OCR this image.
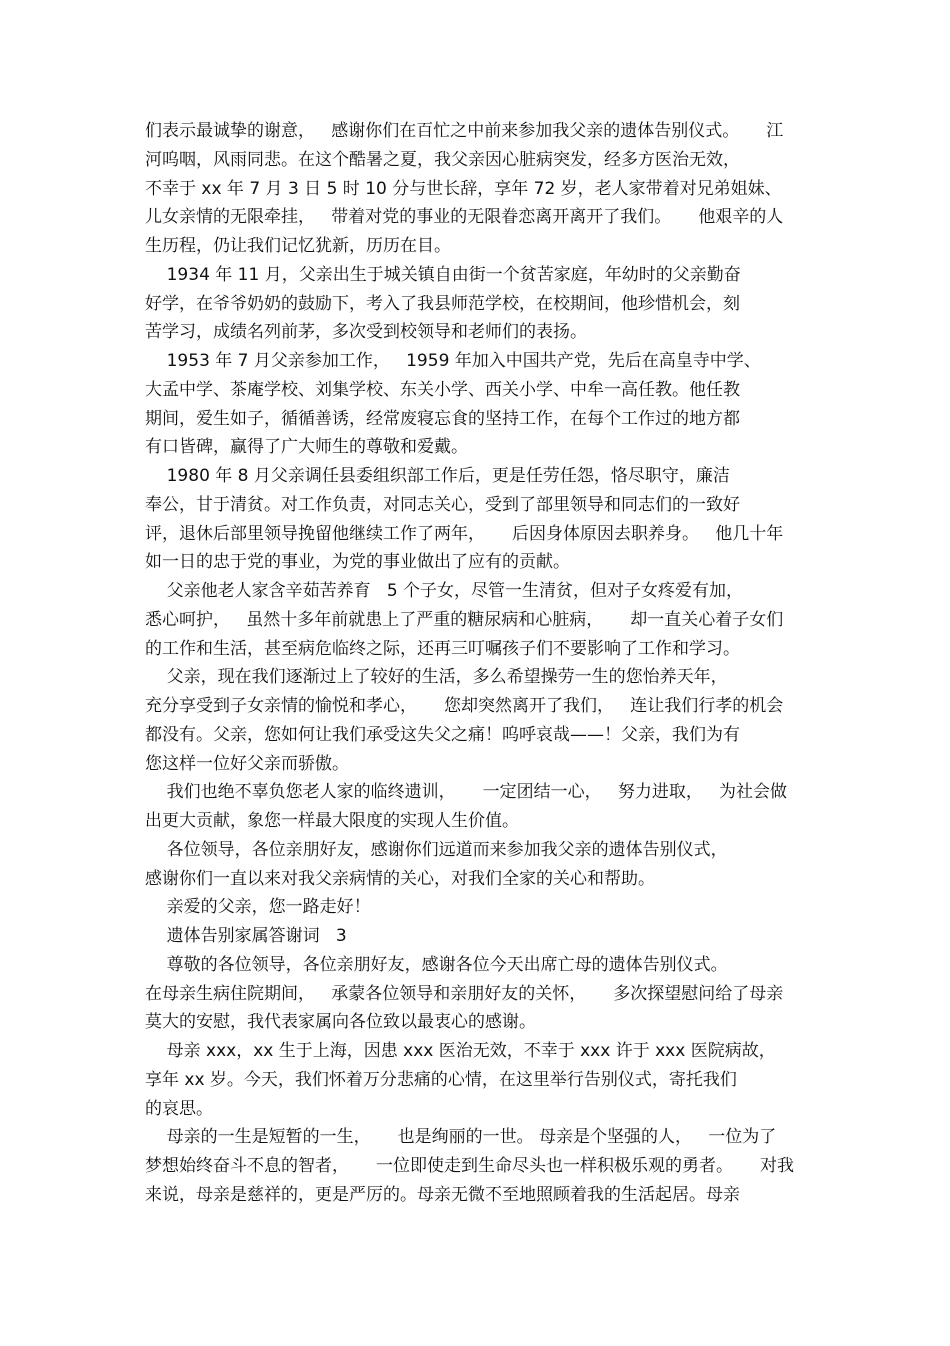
们表示最诚挚的谢意，   感谢你们在百忙之中前来参加我父亲的遗体告别仪式。     江
河呜咽，风雨同悲。在这个酷暑之夏，我父亲因心脏病突发，经多方医治无效，
不幸于 xx 年 7 月 3 日 5 时 10 分与世长辞，享年 72 岁，老人家带着对兄弟姐妹、
儿女亲情的无限牵挂，   带着对党的事业的无限眷恋离开离开了我们。     他艰辛的人
生历程，仍让我们记忆犹新，历历在目。
1934 年 11 月，父亲出生于城关镇自由街一个贫苦家庭，年幼时的父亲勤奋
好学，在爷爷奶奶的鼓励下，考入了我县师范学校，在校期间，他珍惜机会，刻
苦学习，成绩名列前茅，多次受到校领导和老师们的表扬。
1953 年 7 月父亲参加工作，   1959 年加入中国共产党，先后在高皇寺中学、
大孟中学、茶庵学校、刘集学校、东关小学、西关小学、中牟一高任教。他任教
期间，爱生如子，循循善诱，经常废寝忘食的坚持工作，在每个工作过的地方都
有口皆碑，赢得了广大师生的尊敬和爱戴。
1980 年 8 月父亲调任县委组织部工作后，更是任劳任怨，恪尽职守，廉洁
奉公，甘于清贫。对工作负责，对同志关心，受到了部里领导和同志们的一致好
评，退休后部里领导挽留他继续工作了两年，     后因身体原因去职养身。   他几十年
如一日的忠于党的事业，为党的事业做出了应有的贡献。
父亲他老人家含辛茹苦养育   5 个子女，尽管一生清贫，但对子女疼爱有加，
悉心呵护，   虽然十多年前就患上了严重的糖尿病和心脏病，     却一直关心着子女们
的工作和生活，甚至病危临终之际，还再三叮嘱孩子们不要影响了工作和学习。
父亲，现在我们逐渐过上了较好的生活，多么希望操劳一生的您怡养天年，
充分享受到子女亲情的愉悦和孝心，     您却突然离开了我们，   连让我们行孝的机会
都没有。父亲，您如何让我们承受这失父之痛！呜呼哀哉——！父亲，我们为有
您这样一位好父亲而骄傲。
我们也绝不辜负您老人家的临终遗训，     一定团结一心，   努力进取，   为社会做
出更大贡献，象您一样最大限度的实现人生价值。
各位领导，各位亲朋好友，感谢你们远道而来参加我父亲的遗体告别仪式，
感谢你们一直以来对我父亲病情的关心，对我们全家的关心和帮助。
亲爱的父亲，您一路走好！
遗体告别家属答谢词   3
尊敬的各位领导，各位亲朋好友，感谢各位今天出席亡母的遗体告别仪式。
在母亲生病住院期间，   承蒙各位领导和亲朋好友的关怀，     多次探望慰问给了母亲
莫大的安慰，我代表家属向各位致以最衷心的感谢。
母亲 xxx，xx 生于上海，因患 xxx 医治无效，不幸于 xxx 许于 xxx 医院病故，
享年 xx 岁。今天，我们怀着万分悲痛的心情，在这里举行告别仪式，寄托我们
的哀思。
母亲的一生是短暂的一生，     也是绚丽的一世。 母亲是个坚强的人，   一位为了
梦想始终奋斗不息的智者，     一位即使走到生命尽头也一样积极乐观的勇者。     对我
来说，母亲是慈祥的，更是严厉的。母亲无微不至地照顾着我的生活起居。母亲
